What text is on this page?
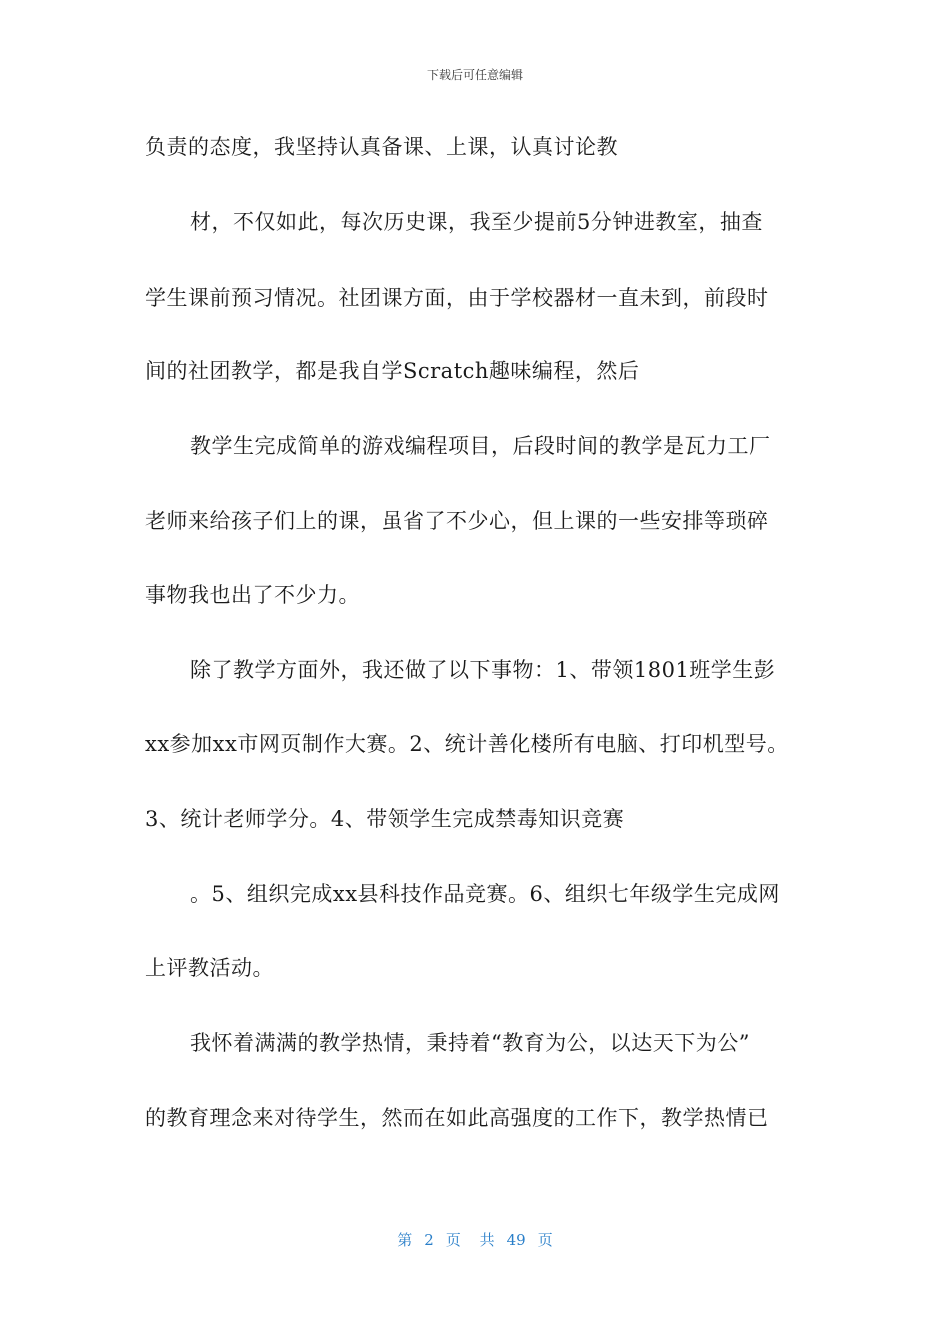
下载后可任意编辑
负责的态度，我坚持认真备课、上课，认真讨论教
材，不仅如此，每次历史课，我至少提前5分钟进教室，抽查
学生课前预习情况。社团课方面，由于学校器材一直未到，前段时
间的社团教学，都是我自学Scratch趣味编程，然后
教学生完成简单的游戏编程项目，后段时间的教学是瓦力工厂
老师来给孩子们上的课，虽省了不少心，但上课的一些安排等琐碎
事物我也出了不少力。
除了教学方面外，我还做了以下事物：1、带领1801班学生彭
xx参加xx市网页制作大赛。2、统计善化楼所有电脑、打印机型号。
3、统计老师学分。4、带领学生完成禁毒知识竞赛
。5、组织完成xx县科技作品竞赛。6、组织七年级学生完成网
上评教活动。
我怀着满满的教学热情，秉持着“教育为公，以达天下为公”
的教育理念来对待学生，然而在如此高强度的工作下，教学热情已
第 2 页 共 49 页
